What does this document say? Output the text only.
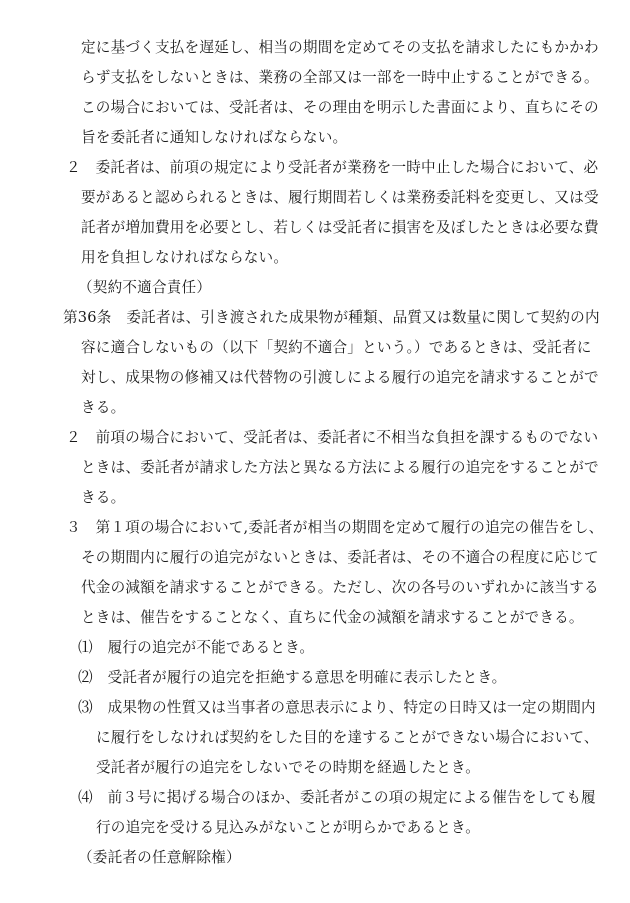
定に基づく支払を遅延し、相当の期間を定めてその支払を請求したにもかかわ
らず支払をしないときは、業務の全部又は一部を一時中止することができる。
この場合においては、受託者は、その理由を明示した書面により、直ちにその
旨を委託者に通知しなければならない。
２　委託者は、前項の規定により受託者が業務を一時中止した場合において、必
要があると認められるときは、履行期間若しくは業務委託料を変更し、又は受
託者が増加費用を必要とし、若しくは受託者に損害を及ぼしたときは必要な費
用を負担しなければならない。
（契約不適合責任）
第36条　委託者は、引き渡された成果物が種類、品質又は数量に関して契約の内
容に適合しないもの（以下「契約不適合」という。）であるときは、受託者に
対し、成果物の修補又は代替物の引渡しによる履行の追完を請求することがで
きる。
２　前項の場合において、受託者は、委託者に不相当な負担を課するものでない
ときは、委託者が請求した方法と異なる方法による履行の追完をすることがで
きる。
３　第１項の場合において,委託者が相当の期間を定めて履行の追完の催告をし、
その期間内に履行の追完がないときは、委託者は、その不適合の程度に応じて
代金の減額を請求することができる。ただし、次の各号のいずれかに該当する
ときは、催告をすることなく、直ちに代金の減額を請求することができる。
⑴　履行の追完が不能であるとき。
⑵　受託者が履行の追完を拒絶する意思を明確に表示したとき。
⑶　成果物の性質又は当事者の意思表示により、特定の日時又は一定の期間内
に履行をしなければ契約をした目的を達することができない場合において、
受託者が履行の追完をしないでその時期を経過したとき。
⑷　前３号に掲げる場合のほか、委託者がこの項の規定による催告をしても履
行の追完を受ける見込みがないことが明らかであるとき。
（委託者の任意解除権）
